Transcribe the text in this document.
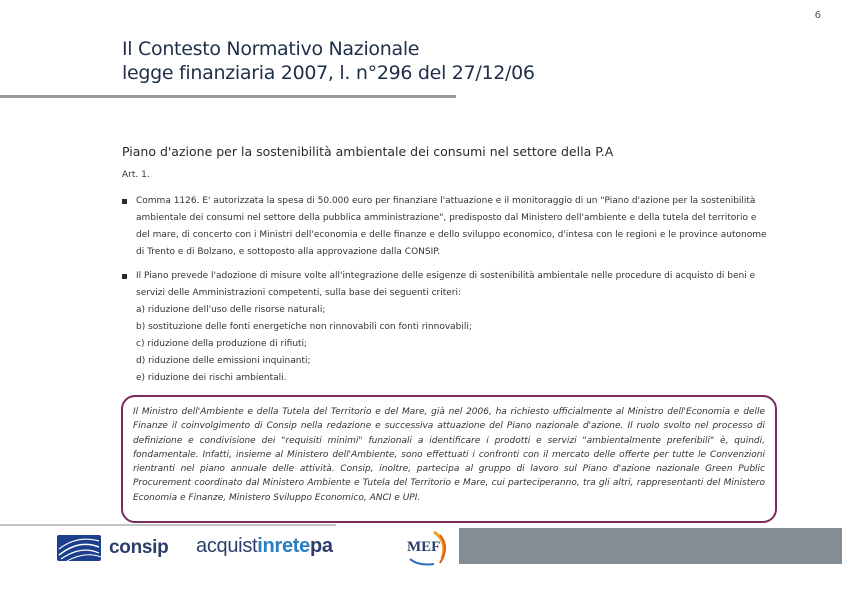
6
Il Contesto Normativo Nazionale
legge finanziaria 2007, l. n°296 del 27/12/06
Piano d'azione per la sostenibilità ambientale dei consumi nel settore della P.A
Art. 1.
Comma 1126. E' autorizzata la spesa di 50.000 euro per finanziare l'attuazione e il monitoraggio di un "Piano d'azione per la sostenibilità ambientale dei consumi nel settore della pubblica amministrazione", predisposto dal Ministero dell'ambiente e della tutela del territorio e del mare, di concerto con i Ministri dell'economia e delle finanze e dello sviluppo economico, d'intesa con le regioni e le province autonome di Trento e di Bolzano, e sottoposto alla approvazione dalla CONSIP.
Il Piano prevede l'adozione di misure volte all'integrazione delle esigenze di sostenibilità ambientale nelle procedure di acquisto di beni e servizi delle Amministrazioni competenti, sulla base dei seguenti criteri:
a) riduzione dell'uso delle risorse naturali;
b) sostituzione delle fonti energetiche non rinnovabili con fonti rinnovabili;
c) riduzione della produzione di rifiuti;
d) riduzione delle emissioni inquinanti;
e) riduzione dei rischi ambientali.
Il Ministro dell'Ambiente e della Tutela del Territorio e del Mare, già nel 2006, ha richiesto ufficialmente al Ministro dell'Economia e delle Finanze il coinvolgimento di Consip nella redazione e successiva attuazione del Piano nazionale d'azione. Il ruolo svolto nel processo di definizione e condivisione dei "requisiti minimi" funzionali a identificare i prodotti e servizi "ambientalmente preferibili" è, quindi, fondamentale. Infatti, insieme al Ministero dell'Ambiente, sono effettuati i confronti con il mercato delle offerte per tutte le Convenzioni rientranti nel piano annuale delle attività. Consip, inoltre, partecipa al gruppo di lavoro sul Piano d'azione nazionale Green Public Procurement coordinato dal Ministero Ambiente e Tutela del Territorio e Mare, cui parteciperanno, tra gli altri, rappresentanti del Ministero Economia e Finanze, Ministero Sviluppo Economico, ANCI e UPI.
consip acquistinretepa	MEF
